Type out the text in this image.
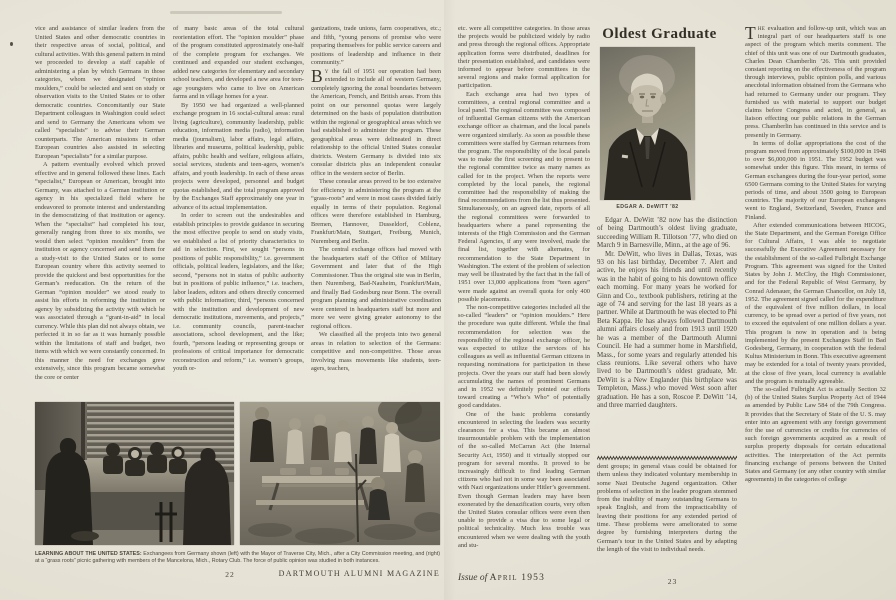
vice and assistance of similar leaders from the United States and other democratic countries in their respective areas of social, political, and cultural activities. With this general pattern in mind we proceeded to develop a staff capable of administering a plan by which Germans in those categories, whom we designated “opinion moulders,” could be selected and sent on study or observation visits to the United States or to other democratic countries. Concomitantly our State Department colleagues in Washington could select and send to Germany the Americans whom we called “specialists” to advise their German counterparts. The American missions in other European countries also assisted in selecting European “specialists” for a similar purpose.

A pattern eventually evolved which proved effective and in general followed these lines. Each “specialist,” European or American, brought into Germany, was attached to a German institution or agency in his specialized field where he endeavored to promote interest and understanding in the democratizing of that institution or agency. When the “specialist” had completed his tour, generally ranging from three to six months, we would then select “opinion moulders” from the institution or agency concerned and send them for a study-visit to the United States or to some European country where this activity seemed to provide the quickest and best opportunities for the German’s reeducation. On the return of the German “opinion moulder” we stood ready to assist his efforts in reforming the institution or agency by subsidizing the activity with which he was associated through a “grant-in-aid” in local currency. While this plan did not always obtain, we perfected it in so far as it was humanly possible within the limitations of staff and budget, two items with which we were constantly concerned. In this manner the need for exchanges grew extensively, since this program became somewhat the core or center

of many basic areas of the total cultural reorientation effort. The “opinion moulder” phase of the program constituted approximately one-half of the complete program for exchanges. We continued and expanded our student exchanges, added new categories for elementary and secondary school teachers, and developed a new area for teen-age youngsters who came to live on American farms and in village homes for a year.

By 1950 we had organized a well-planned exchange program in 16 social-cultural areas: rural living (agriculture), community leadership, public education, information media (radio), information media (journalism), labor affairs, legal affairs, libraries and museums, political leadership, public affairs, public health and welfare, religious affairs, social services, students and teen-agers, women’s affairs, and youth leadership. In each of these areas projects were developed, personnel and budget quotas established, and the total program approved by the Exchanges Staff approximately one year in advance of its actual implementation.

In order to screen out the undesirables and establish principles to provide guidance in securing the most effective people to send on study visits, we established a list of priority characteristics to aid in selection. First, we sought “persons in positions of public responsibility,” i.e. government officials, political leaders, legislators, and the like; second, “persons not in status of public authority but in positions of public influence,” i.e. teachers, labor leaders, editors and others directly concerned with public information; third, “persons concerned with the institution and development of new democratic institutions, movements, and projects,” i.e. community councils, parent-teacher associations, school development, and the like; fourth, “persons leading or representing groups or professions of critical importance for democratic reconstruction and reform,” i.e. women’s groups, youth or-

ganizations, trade unions, farm cooperatives, etc.; and fifth, “young persons of promise who were preparing themselves for public service careers and positions of leadership and influence in their community.”

BY the fall of 1951 our operation had been extended to include all of western Germany, completely ignoring the zonal boundaries between the American, French, and British areas. From this point on our personnel quotas were largely determined on the basis of population distribution within the regional or geographical areas which we had established to administer the program. These geographical areas were delineated in direct relationship to the official United States consular districts. Western Germany is divided into six consular districts plus an independent consular office in the western sector of Berlin.

These consular areas proved to be too extensive for efficiency in administering the program at the “grass-roots” and were in most cases divided fairly equally in terms of their population. Regional offices were therefore established in Hamburg, Bremen, Hannover, Dusseldorf, Coblenz, Frankfurt/Main, Stuttgart, Freiburg, Munich, Nuremberg and Berlin.

The central exchange offices had moved with the headquarters staff of the Office of Military Government and later that of the High Commissioner. Thus the original site was in Berlin, then Nuremberg, Bad-Nauheim, Frankfurt/Main, and finally Bad Godesburg near Bonn. The overall program planning and administrative coordination were centered in headquarters staff but more and more we were giving greater autonomy to the regional offices.

We classified all the projects into two general areas in relation to selection of the Germans: competitive and non-competitive. Those areas involving mass movements like students, teen-agers, teachers,

LEARNING ABOUT THE UNITED STATES: Exchangees from Germany shown (left) with the Mayor of Traverse City, Mich., after a City Commission meeting, and (right) at a “grass roots” picnic gathering with members of the Mancelona, Mich., Rotary Club. The force of public opinion was studied in both instances.
22	DARTMOUTH ALUMNI MAGAZINE

etc. were all competitive categories. In those areas the projects would be publicized widely by radio and press through the regional offices. Appropriate application forms were distributed, deadlines for their presentation established, and candidates were informed to appear before committees in the several regions and make formal application for participation.

Each exchange area had two types of committees, a central regional committee and a local panel. The regional committee was composed of influential German citizens with the American exchange officer as chairman, and the local panels were organized similarly. As soon as possible these committees were staffed by German returnees from the program. The responsibility of the local panels was to make the first screening and to present to the regional committee twice as many names as called for in the project. When the reports were completed by the local panels, the regional committee had the responsibility of making the final recommendations from the list thus presented. Simultaneously, on an agreed date, reports of all the regional committees were forwarded to headquarters where a panel representing the interests of the High Commission and the German Federal Agencies, if any were involved, made the final list, together with alternates, for recommendation to the State Department in Washington. The extent of the problem of selection may well be illustrated by the fact that in the fall of 1951 over 13,000 applications from “teen agers” were made against an overall quota for only 400 possible placements.

The non-competitive categories included all the so-called “leaders” or “opinion moulders.” Here the procedure was quite different. While the final recommendation for selection was the responsibility of the regional exchange officer, he was expected to utilize the services of his colleagues as well as influential German citizens in requesting nominations for participation in these projects. Over the years our staff had been slowly accumulating the names of prominent Germans and in 1952 we definitely pointed our efforts toward creating a “Who’s Who” of potentially good candidates.

One of the basic problems constantly encountered in selecting the leaders was security clearances for a visa. This became an almost insurmountable problem with the implementation of the so-called McCarran Act (the Internal Security Act, 1950) and it virtually stopped our program for several months. It proved to be increasingly difficult to find leading German citizens who had not in some way been associated with Nazi organizations under Hitler’s government. Even though German leaders may have been exonerated by the denazification courts, very often the United States consular offices were even then unable to provide a visa due to some legal or political technicality. Much less trouble was encountered when we were dealing with the youth and stu-

Oldest Graduate
EDGAR A. DeWITT ’82

Edgar A. DeWitt ’82 now has the distinction of being Dartmouth’s oldest living graduate, succeeding William R. Tillotson ’77, who died on March 9 in Barnesville, Minn., at the age of 96.

Mr. DeWitt, who lives in Dallas, Texas, was 93 on his last birthday, December 7. Alert and active, he enjoys his friends and until recently was in the habit of going to his downtown office each morning. For many years he worked for Ginn and Co., textbook publishers, retiring at the age of 74 and serving for the last 18 years as a partner. While at Dartmouth he was elected to Phi Beta Kappa. He has always followed Dartmouth alumni affairs closely and from 1913 until 1920 he was a member of the Dartmouth Alumni Council. He had a summer home in Marshfield, Mass., for some years and regularly attended his class reunions. Like several others who have lived to be Dartmouth’s oldest graduate, Mr. DeWitt is a New Englander (his birthplace was Templeton, Mass.) who moved West soon after graduation. He has a son, Roscoe P. DeWitt ’14, and three married daughters.

dent groups; in general visas could be obtained for them unless they indicated voluntary membership in some Nazi Deutsche Jugend organization. Other problems of selection in the leader program stemmed from the inability of many outstanding Germans to speak English, and from the impracticability of leaving their positions for any extended period of time. These problems were ameliorated to some degree by furnishing interpreters during the German’s tour in the United States and by adapting the length of the visit to individual needs.

THE evaluation and follow-up unit, which was an integral part of our headquarters staff is one aspect of the program which merits comment. The chief of this unit was one of our Dartmouth graduates, Charles Dean Chamberlin ’26. This unit provided constant reporting on the effectiveness of the program through interviews, public opinion polls, and various anecdotal information obtained from the Germans who had returned to Germany under our program. They furnished us with material to support our budget claims before Congress and acted, in general, as liaison effecting our public relations in the German press. Chamberlin has continued in this service and is presently in Germany.

In terms of dollar appropriations the cost of the program moved from approximately $100,000 in 1948 to over $6,000,000 in 1951. The 1952 budget was somewhat under this figure. This meant, in terms of German exchangees during the four-year period, some 6500 Germans coming to the United States for varying periods of time, and about 3500 going to European countries. The majority of our European exchangees went to England, Switzerland, Sweden, France and Finland.

After extended communications between HICOG, the State Department, and the German Foreign Office for Cultural Affairs, I was able to negotiate successfully the Executive Agreement necessary for the establishment of the so-called Fulbright Exchange Program. This agreement was signed for the United States by John J. McCloy, the High Commissioner, and for the Federal Republic of West Germany, by Conrad Adenauer, the German Chancellor, on July 18, 1952. The agreement signed called for the expenditure of the equivalent of five million dollars, in local currency, to be spread over a period of five years, not to exceed the equivalent of one million dollars a year. This program is now in operation and is being implemented by the present Exchanges Staff in Bad Godesberg, Germany, in cooperation with the federal Kultus Ministerium in Bonn. This executive agreement may be extended for a total of twenty years provided, at the close of five years, local currency is available and the program is mutually agreeable.

The so-called Fulbright Act is actually Section 32 (b) of the United States Surplus Property Act of 1944 as amended by Public Law 584 of the 79th Congress. It provides that the Secretary of State of the U. S. may enter into an agreement with any foreign government for the use of currencies or credits for currencies of such foreign governments acquired as a result of surplus property disposals for certain educational activities. The interpretation of the Act permits financing exchange of persons between the United States and Germany (or any other country with similar agreements) in the categories of college

Issue of April 1953	23
